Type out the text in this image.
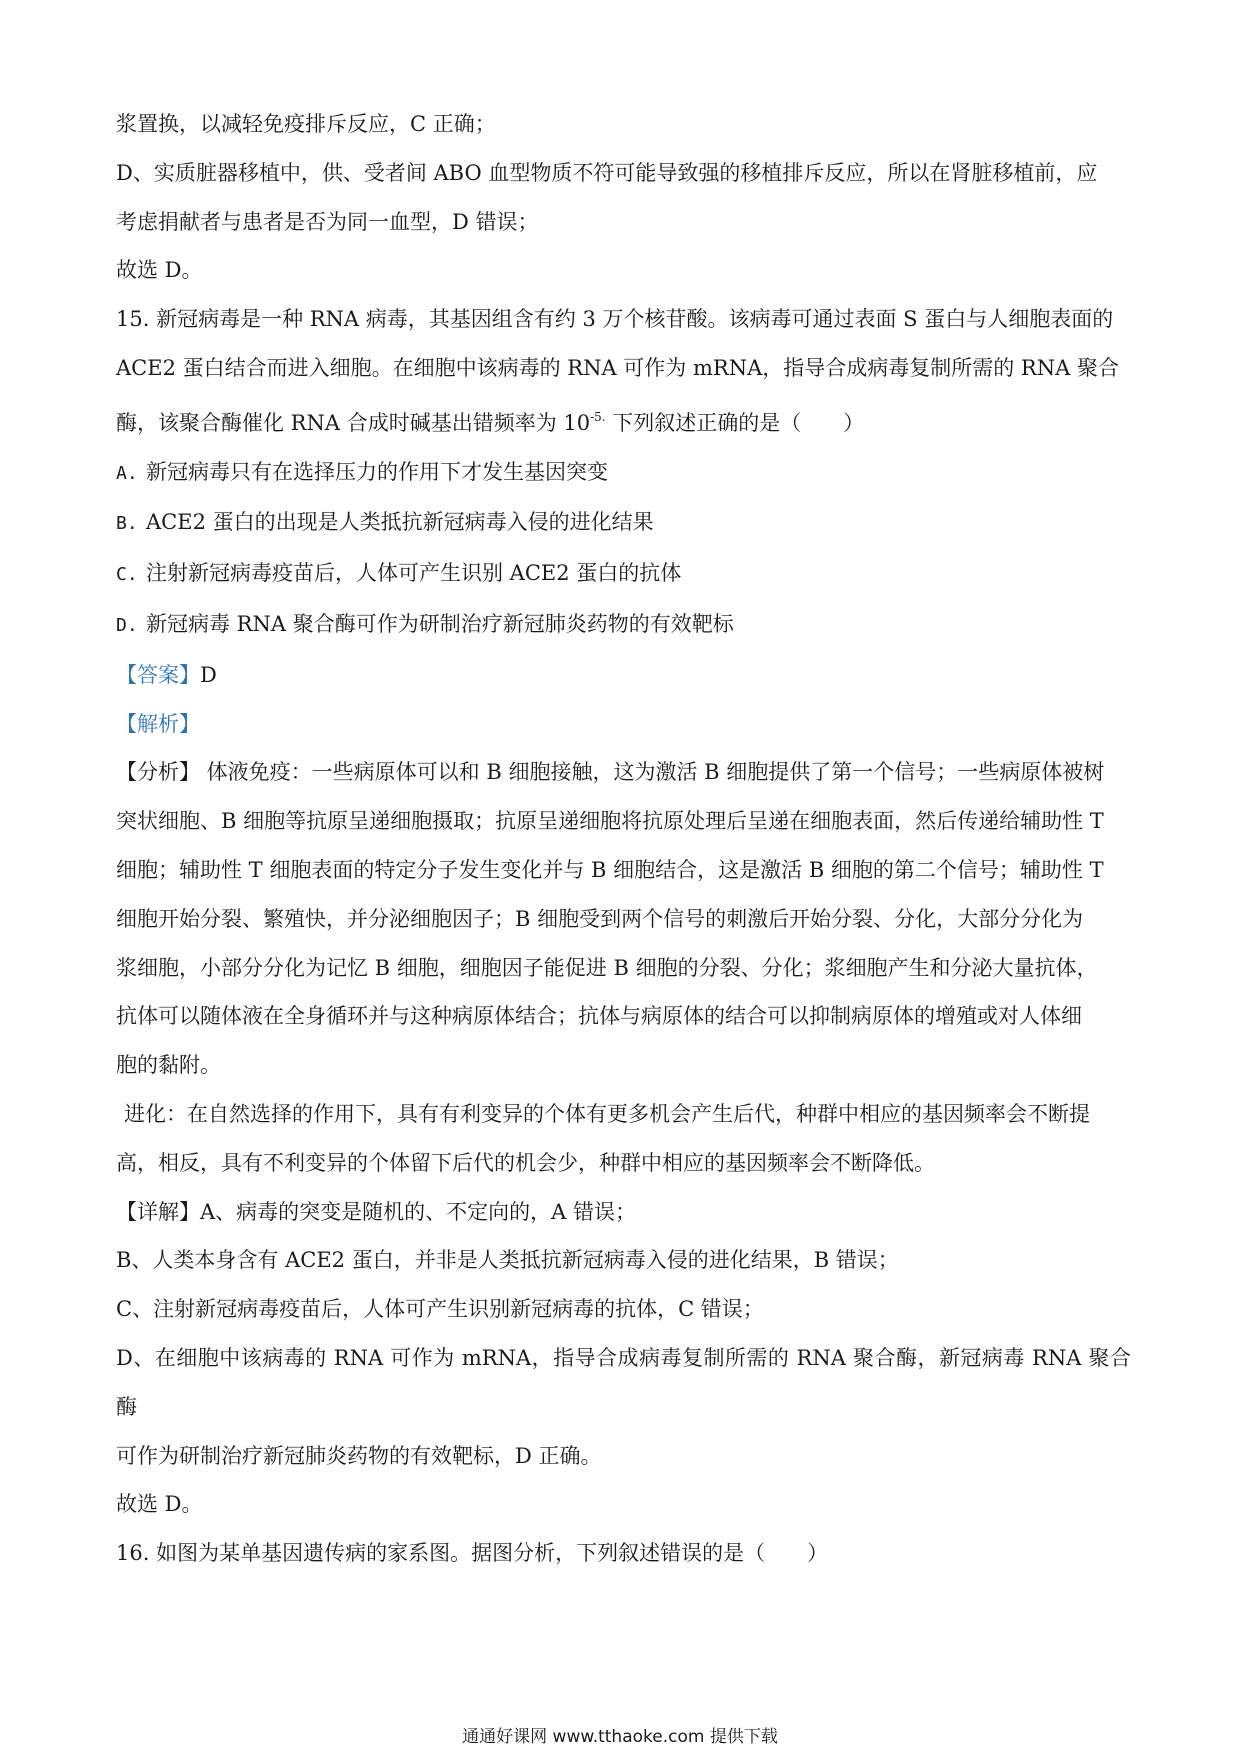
浆置换，以减轻免疫排斥反应，C 正确；

D、实质脏器移植中，供、受者间 ABO 血型物质不符可能导致强的移植排斥反应，所以在肾脏移植前，应

考虑捐献者与患者是否为同一血型，D 错误；

故选 D。

15. 新冠病毒是一种 RNA 病毒，其基因组含有约 3 万个核苷酸。该病毒可通过表面 S 蛋白与人细胞表面的

ACE2 蛋白结合而进入细胞。在细胞中该病毒的 RNA 可作为 mRNA，指导合成病毒复制所需的 RNA 聚合

酶，该聚合酶催化 RNA 合成时碱基出错频率为 $10^{-5.}$ 下列叙述正确的是（　　）

A. 新冠病毒只有在选择压力的作用下才发生基因突变

B. ACE2 蛋白的出现是人类抵抗新冠病毒入侵的进化结果

C. 注射新冠病毒疫苗后，人体可产生识别 ACE2 蛋白的抗体

D. 新冠病毒 RNA 聚合酶可作为研制治疗新冠肺炎药物的有效靶标

【答案】D

【解析】

【分析】 体液免疫：一些病原体可以和 B 细胞接触，这为激活 B 细胞提供了第一个信号；一些病原体被树

突状细胞、B 细胞等抗原呈递细胞摄取；抗原呈递细胞将抗原处理后呈递在细胞表面，然后传递给辅助性 T

细胞；辅助性 T 细胞表面的特定分子发生变化并与 B 细胞结合，这是激活 B 细胞的第二个信号；辅助性 T

细胞开始分裂、繁殖快，并分泌细胞因子；B 细胞受到两个信号的刺激后开始分裂、分化，大部分分化为

浆细胞，小部分分化为记忆 B 细胞，细胞因子能促进 B 细胞的分裂、分化；浆细胞产生和分泌大量抗体，

抗体可以随体液在全身循环并与这种病原体结合；抗体与病原体的结合可以抑制病原体的增殖或对人体细

胞的黏附。

进化：在自然选择的作用下，具有有利变异的个体有更多机会产生后代，种群中相应的基因频率会不断提

高，相反，具有不利变异的个体留下后代的机会少，种群中相应的基因频率会不断降低。

【详解】A、病毒的突变是随机的、不定向的，A 错误；

B、人类本身含有 ACE2 蛋白，并非是人类抵抗新冠病毒入侵的进化结果，B 错误；

C、注射新冠病毒疫苗后，人体可产生识别新冠病毒的抗体，C 错误；

D、在细胞中该病毒的 RNA 可作为 mRNA，指导合成病毒复制所需的 RNA 聚合酶，新冠病毒 RNA 聚合酶

可作为研制治疗新冠肺炎药物的有效靶标，D 正确。

故选 D。

16. 如图为某单基因遗传病的家系图。据图分析，下列叙述错误的是（　　）

通通好课网 www.tthaoke.com 提供下载
